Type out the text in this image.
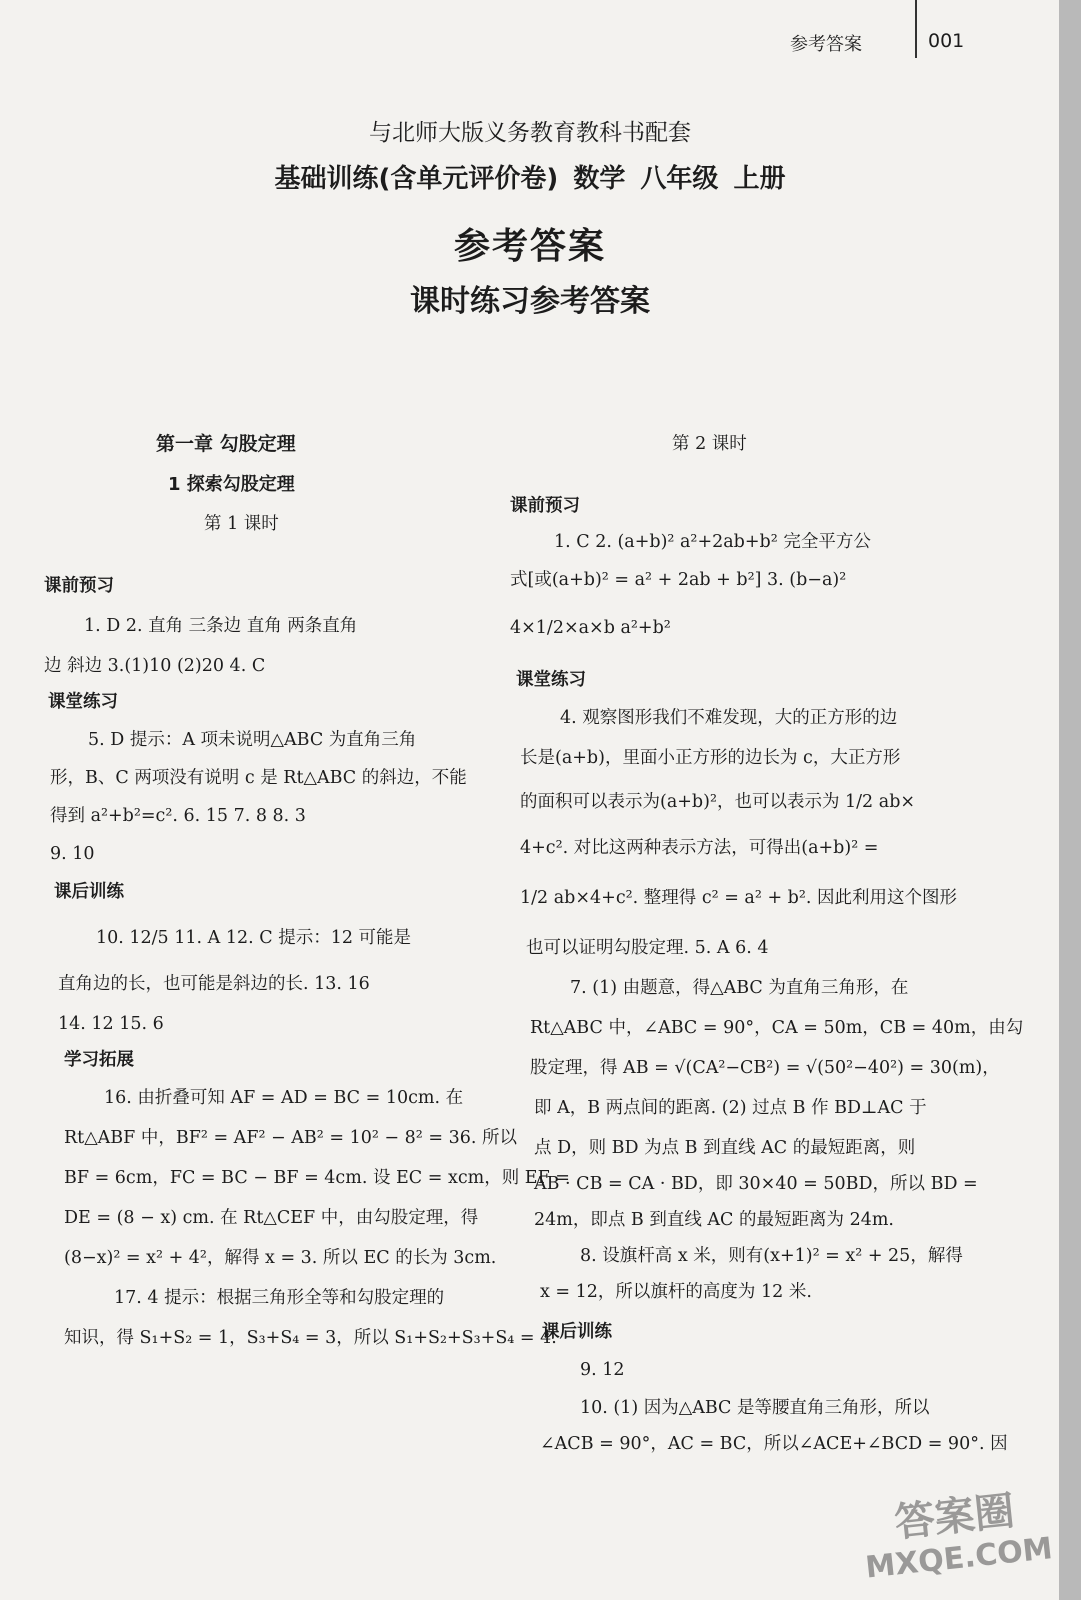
参考答案	001
与北师大版义务教育教科书配套
基础训练(含单元评价卷) 数学 八年级 上册
参考答案
课时练习参考答案
第一章 勾股定理
1 探索勾股定理
第 1 课时
课前预习
1. D 2. 直角 三条边 直角 两条直角
边 斜边 3.(1)10 (2)20 4. C
课堂练习
5. D 提示：A 项未说明△ABC 为直角三角
形，B、C 两项没有说明 c 是 Rt△ABC 的斜边，不能
得到 a²+b²=c². 6. 15 7. 8 8. 3
9. 10
课后训练
10. 12/5 11. A 12. C 提示：12 可能是
直角边的长，也可能是斜边的长. 13. 16
14. 12 15. 6
学习拓展
16. 由折叠可知 AF = AD = BC = 10cm. 在
Rt△ABF 中，BF² = AF² − AB² = 10² − 8² = 36. 所以
BF = 6cm，FC = BC − BF = 4cm. 设 EC = xcm，则 EF =
DE = (8 − x) cm. 在 Rt△CEF 中，由勾股定理，得
(8−x)² = x² + 4²，解得 x = 3. 所以 EC 的长为 3cm.
17. 4 提示：根据三角形全等和勾股定理的
知识，得 S₁+S₂ = 1，S₃+S₄ = 3，所以 S₁+S₂+S₃+S₄ = 4.
第 2 课时
课前预习
1. C 2. (a+b)² a²+2ab+b² 完全平方公
式[或(a+b)² = a² + 2ab + b²] 3. (b−a)²
4×1/2×a×b a²+b²
课堂练习
4. 观察图形我们不难发现，大的正方形的边
长是(a+b)，里面小正方形的边长为 c，大正方形
的面积可以表示为(a+b)²，也可以表示为 1/2 ab×
4+c². 对比这两种表示方法，可得出(a+b)² =
1/2 ab×4+c². 整理得 c² = a² + b². 因此利用这个图形
也可以证明勾股定理. 5. A 6. 4
7. (1) 由题意，得△ABC 为直角三角形，在
Rt△ABC 中，∠ABC = 90°，CA = 50m，CB = 40m，由勾
股定理，得 AB = √(CA²−CB²) = √(50²−40²) = 30(m)，
即 A，B 两点间的距离. (2) 过点 B 作 BD⊥AC 于
点 D，则 BD 为点 B 到直线 AC 的最短距离，则
AB · CB = CA · BD，即 30×40 = 50BD，所以 BD =
24m，即点 B 到直线 AC 的最短距离为 24m.
8. 设旗杆高 x 米，则有(x+1)² = x² + 25，解得
x = 12，所以旗杆的高度为 12 米.
课后训练
9. 12
10. (1) 因为△ABC 是等腰直角三角形，所以
∠ACB = 90°，AC = BC，所以∠ACE+∠BCD = 90°. 因
答案圈
MXQE.COM
